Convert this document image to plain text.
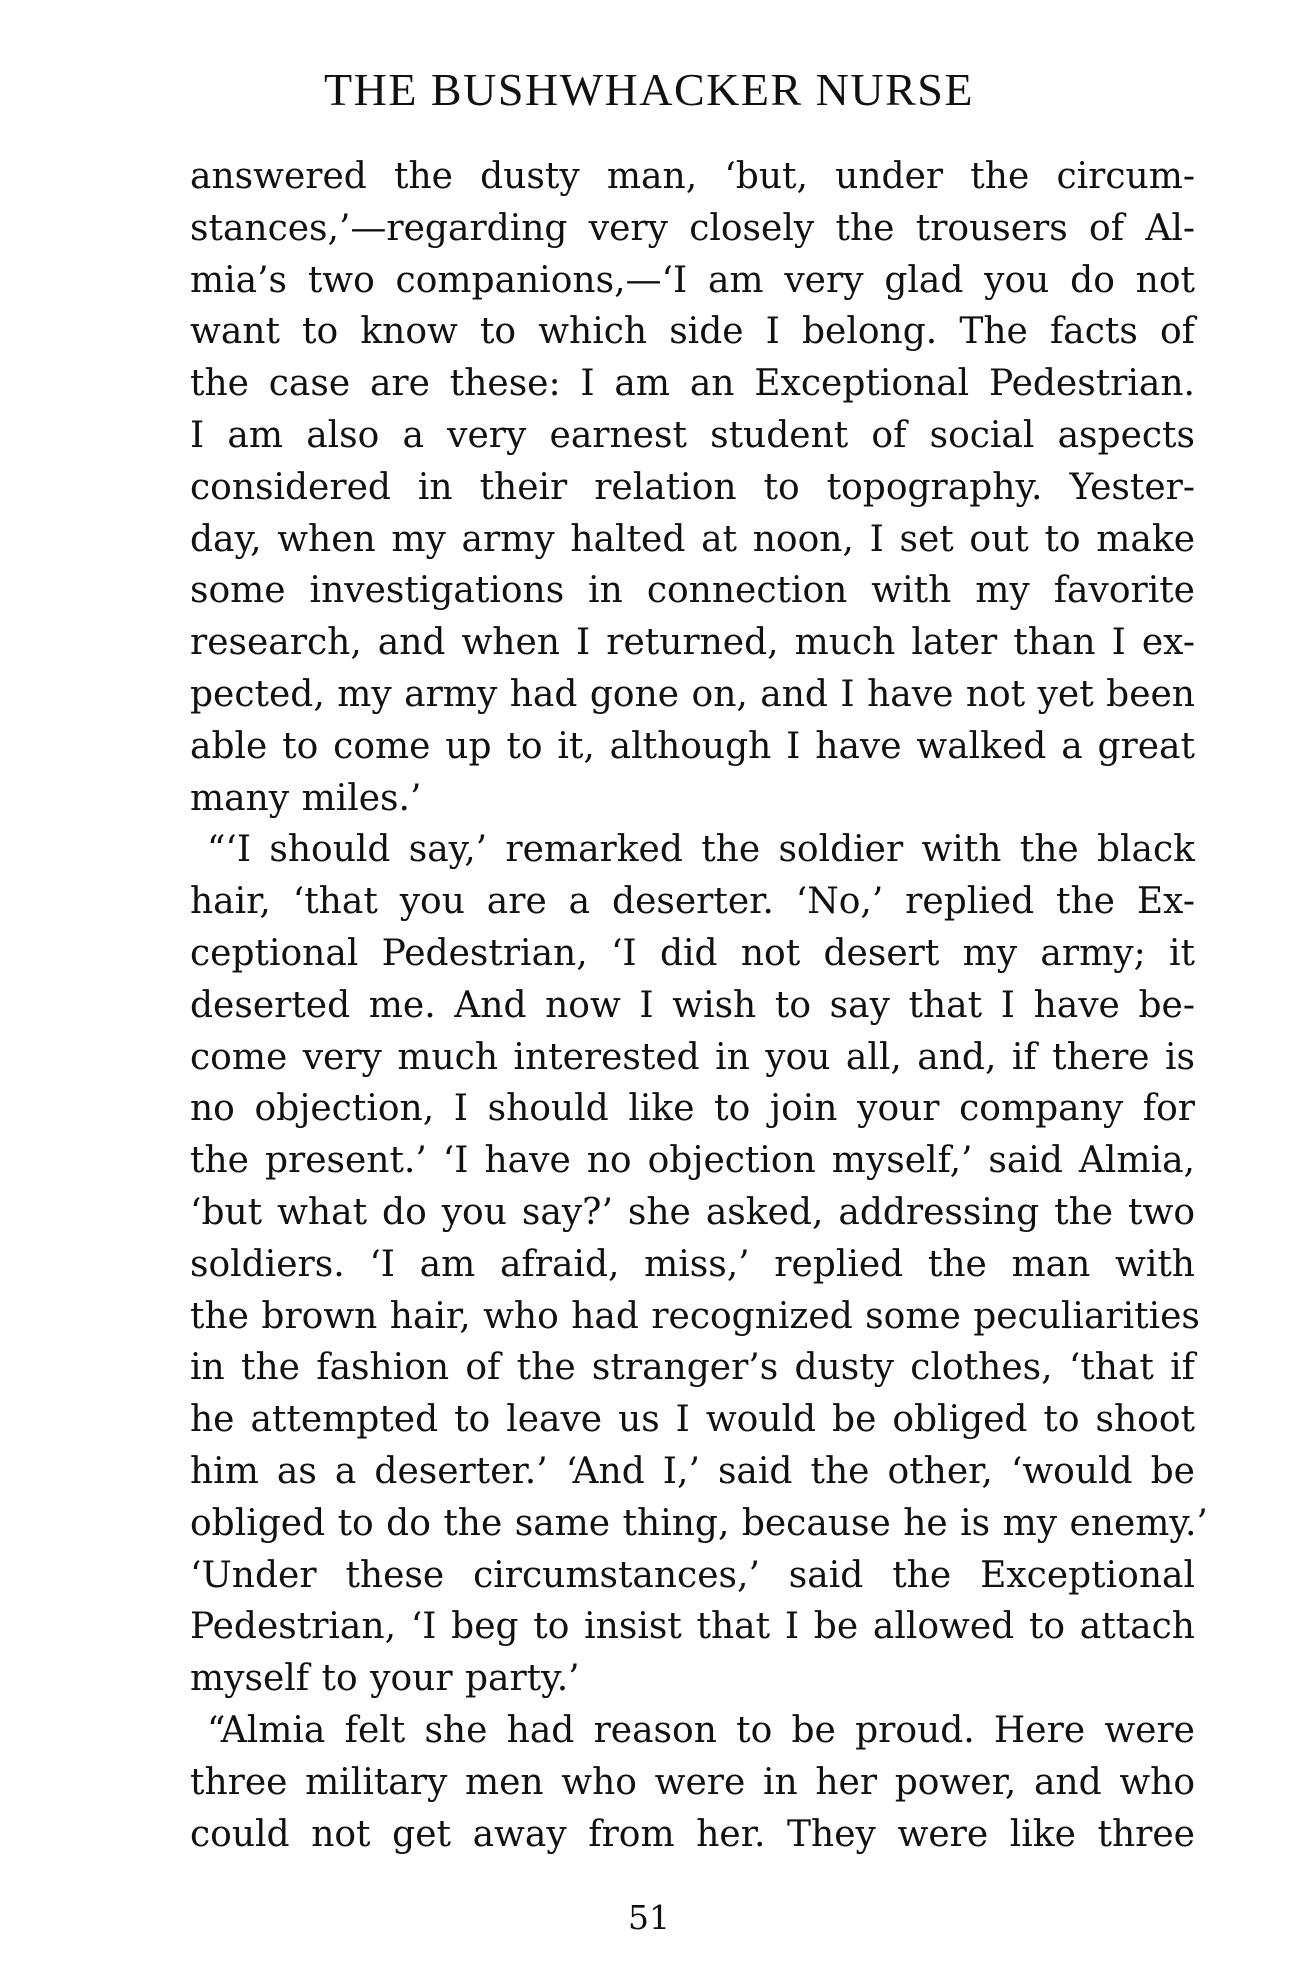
THE BUSHWHACKER NURSE
answered the dusty man, ‘but, under the circum-
stances,’—regarding very closely the trousers of Al-
mia’s two companions,—‘I am very glad you do not
want to know to which side I belong. The facts of
the case are these: I am an Exceptional Pedestrian.
I am also a very earnest student of social aspects
considered in their relation to topography. Yester-
day, when my army halted at noon, I set out to make
some investigations in connection with my favorite
research, and when I returned, much later than I ex-
pected, my army had gone on, and I have not yet been
able to come up to it, although I have walked a great
many miles.’
“‘I should say,’ remarked the soldier with the black
hair, ‘that you are a deserter. ‘No,’ replied the Ex-
ceptional Pedestrian, ‘I did not desert my army; it
deserted me. And now I wish to say that I have be-
come very much interested in you all, and, if there is
no objection, I should like to join your company for
the present.’ ‘I have no objection myself,’ said Almia,
‘but what do you say?’ she asked, addressing the two
soldiers. ‘I am afraid, miss,’ replied the man with
the brown hair, who had recognized some peculiarities
in the fashion of the stranger’s dusty clothes, ‘that if
he attempted to leave us I would be obliged to shoot
him as a deserter.’ ‘And I,’ said the other, ‘would be
obliged to do the same thing, because he is my enemy.’
‘Under these circumstances,’ said the Exceptional
Pedestrian, ‘I beg to insist that I be allowed to attach
myself to your party.’
“Almia felt she had reason to be proud. Here were
three military men who were in her power, and who
could not get away from her. They were like three
51
